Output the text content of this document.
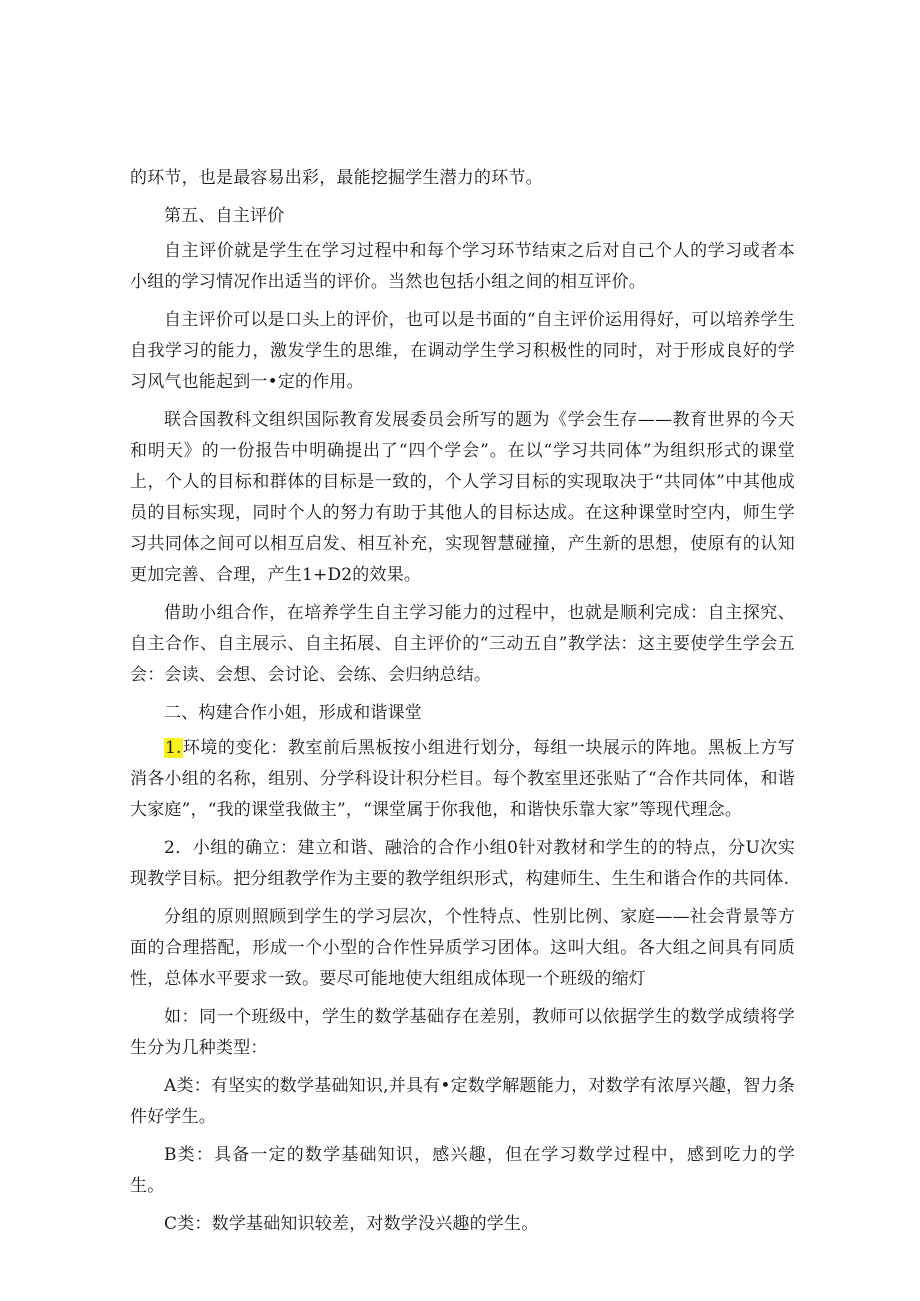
的环节，也是最容易出彩，最能挖掘学生潜力的环节。

第五、自主评价

自主评价就是学生在学习过程中和每个学习环节结束之后对自己个人的学习或者本小组的学习情况作出适当的评价。当然也包括小组之间的相互评价。

自主评价可以是口头上的评价，也可以是书面的“自主评价运用得好，可以培养学生自我学习的能力，激发学生的思维，在调动学生学习积极性的同时，对于形成良好的学习风气也能起到一•定的作用。

联合国教科文组织国际教育发展委员会所写的题为《学会生存——教育世界的今天和明天》的一份报告中明确提出了“四个学会”。在以“学习共同体”为组织形式的课堂上，个人的目标和群体的目标是一致的，个人学习目标的实现取决于“共同体”中其他成员的目标实现，同时个人的努力有助于其他人的目标达成。在这种课堂时空内，师生学习共同体之间可以相互启发、相互补充，实现智慧碰撞，产生新的思想，使原有的认知更加完善、合理，产生1+D2的效果。

借助小组合作，在培养学生自主学习能力的过程中，也就是顺利完成：自主探究、自主合作、自主展示、自主拓展、自主评价的“三动五自”教学法：这主要使学生学会五会：会读、会想、会讨论、会练、会归纳总结。

二、构建合作小姐，形成和谐课堂

1.环境的变化：教室前后黑板按小组进行划分，每组一块展示的阵地。黑板上方写消各小组的名称，组别、分学科设计积分栏目。每个教室里还张贴了“合作共同体，和谐大家庭”，“我的课堂我做主”，“课堂属于你我他，和谐快乐靠大家”等现代理念。

2．小组的确立：建立和谐、融洽的合作小组0针对教材和学生的的特点，分U次实现教学目标。把分组教学作为主要的教学组织形式，构建师生、生生和谐合作的共同体.

分组的原则照顾到学生的学习层次，个性特点、性别比例、家庭——社会背景等方面的合理搭配，形成一个小型的合作性异质学习团体。这叫大组。各大组之间具有同质性，总体水平要求一致。要尽可能地使大组组成体现一个班级的缩灯

如：同一个班级中，学生的数学基础存在差别，教师可以依据学生的数学成绩将学生分为几种类型：

A类：有坚实的数学基础知识,并具有•定数学解题能力，对数学有浓厚兴趣，智力条件好学生。

B类：具备一定的数学基础知识，感兴趣，但在学习数学过程中，感到吃力的学生。

C类：数学基础知识较差，对数学没兴趣的学生。
